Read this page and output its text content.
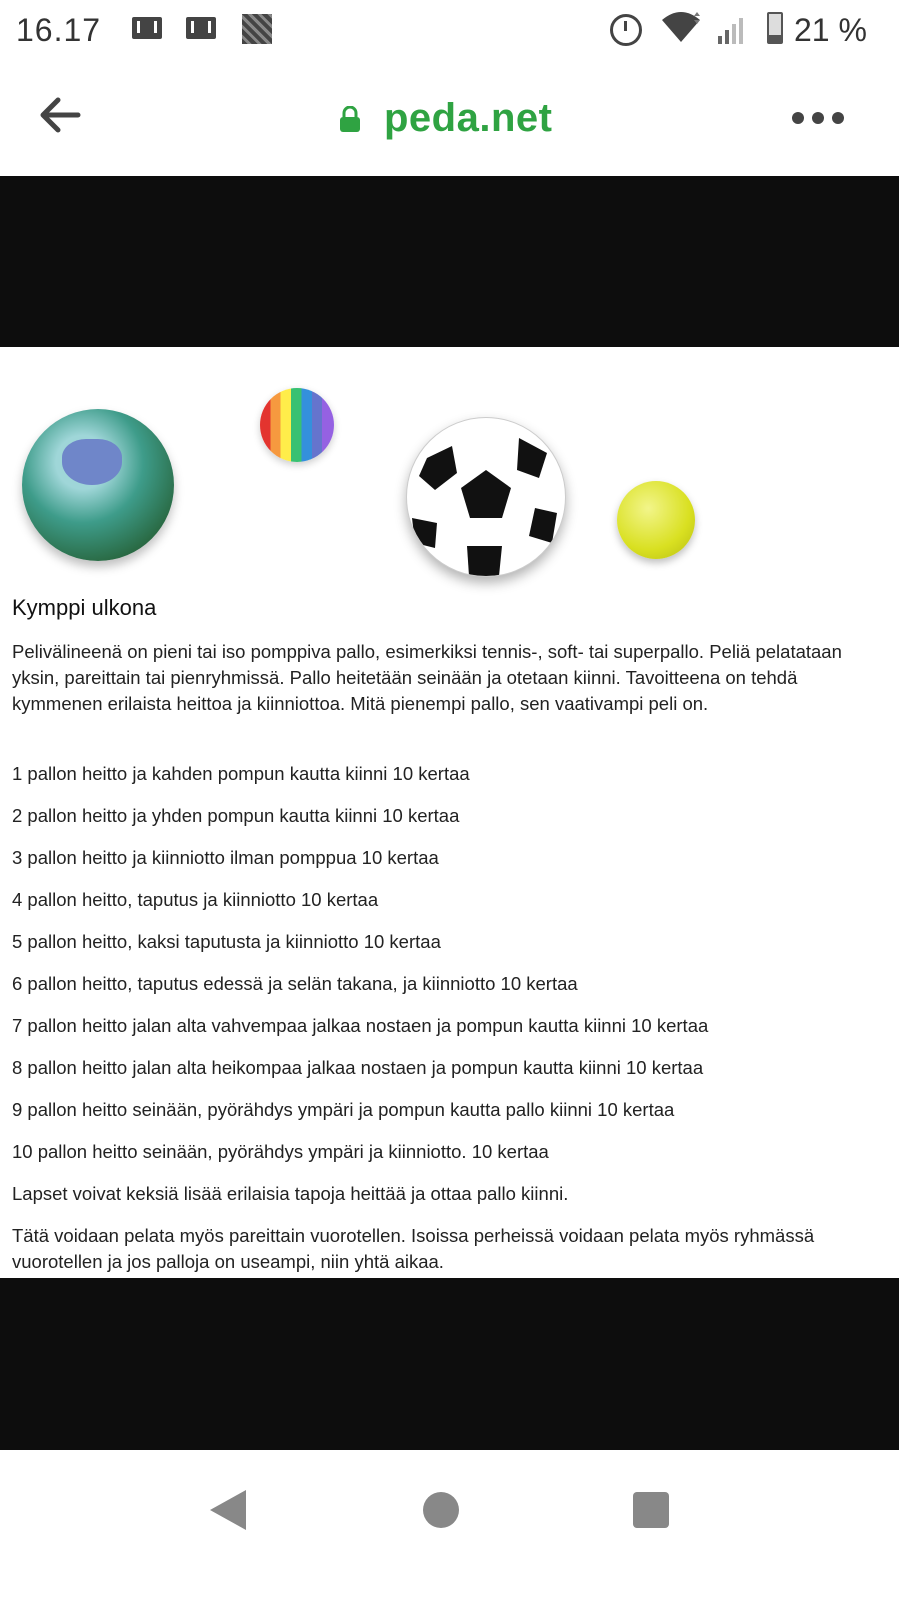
16.17	21 %
peda.net
Kymppi ulkona
Pelivälineenä on pieni tai iso pomppiva pallo, esimerkiksi tennis-, soft- tai superpallo. Peliä pelatataan yksin, pareittain tai pienryhmissä. Pallo heitetään seinään ja otetaan kiinni. Tavoitteena on tehdä kymmenen erilaista heittoa ja kiinniottoa. Mitä pienempi pallo, sen vaativampi peli on.
1 pallon heitto ja kahden pompun kautta kiinni 10 kertaa
2 pallon heitto ja yhden pompun kautta kiinni 10 kertaa
3 pallon heitto ja kiinniotto ilman pomppua 10 kertaa
4 pallon heitto, taputus ja kiinniotto 10 kertaa
5 pallon heitto, kaksi taputusta ja kiinniotto 10 kertaa
6 pallon heitto, taputus edessä ja selän takana, ja kiinniotto 10 kertaa
7 pallon heitto jalan alta vahvempaa jalkaa nostaen ja pompun kautta kiinni 10 kertaa
8 pallon heitto jalan alta heikompaa jalkaa nostaen ja pompun kautta kiinni 10 kertaa
9 pallon heitto seinään, pyörähdys ympäri ja pompun kautta pallo kiinni 10 kertaa
10 pallon heitto seinään, pyörähdys ympäri ja kiinniotto. 10 kertaa
Lapset voivat keksiä lisää erilaisia tapoja heittää ja ottaa pallo kiinni.
Tätä voidaan pelata myös pareittain vuorotellen. Isoissa perheissä voidaan pelata myös ryhmässä vuorotellen ja jos palloja on useampi, niin yhtä aikaa.
